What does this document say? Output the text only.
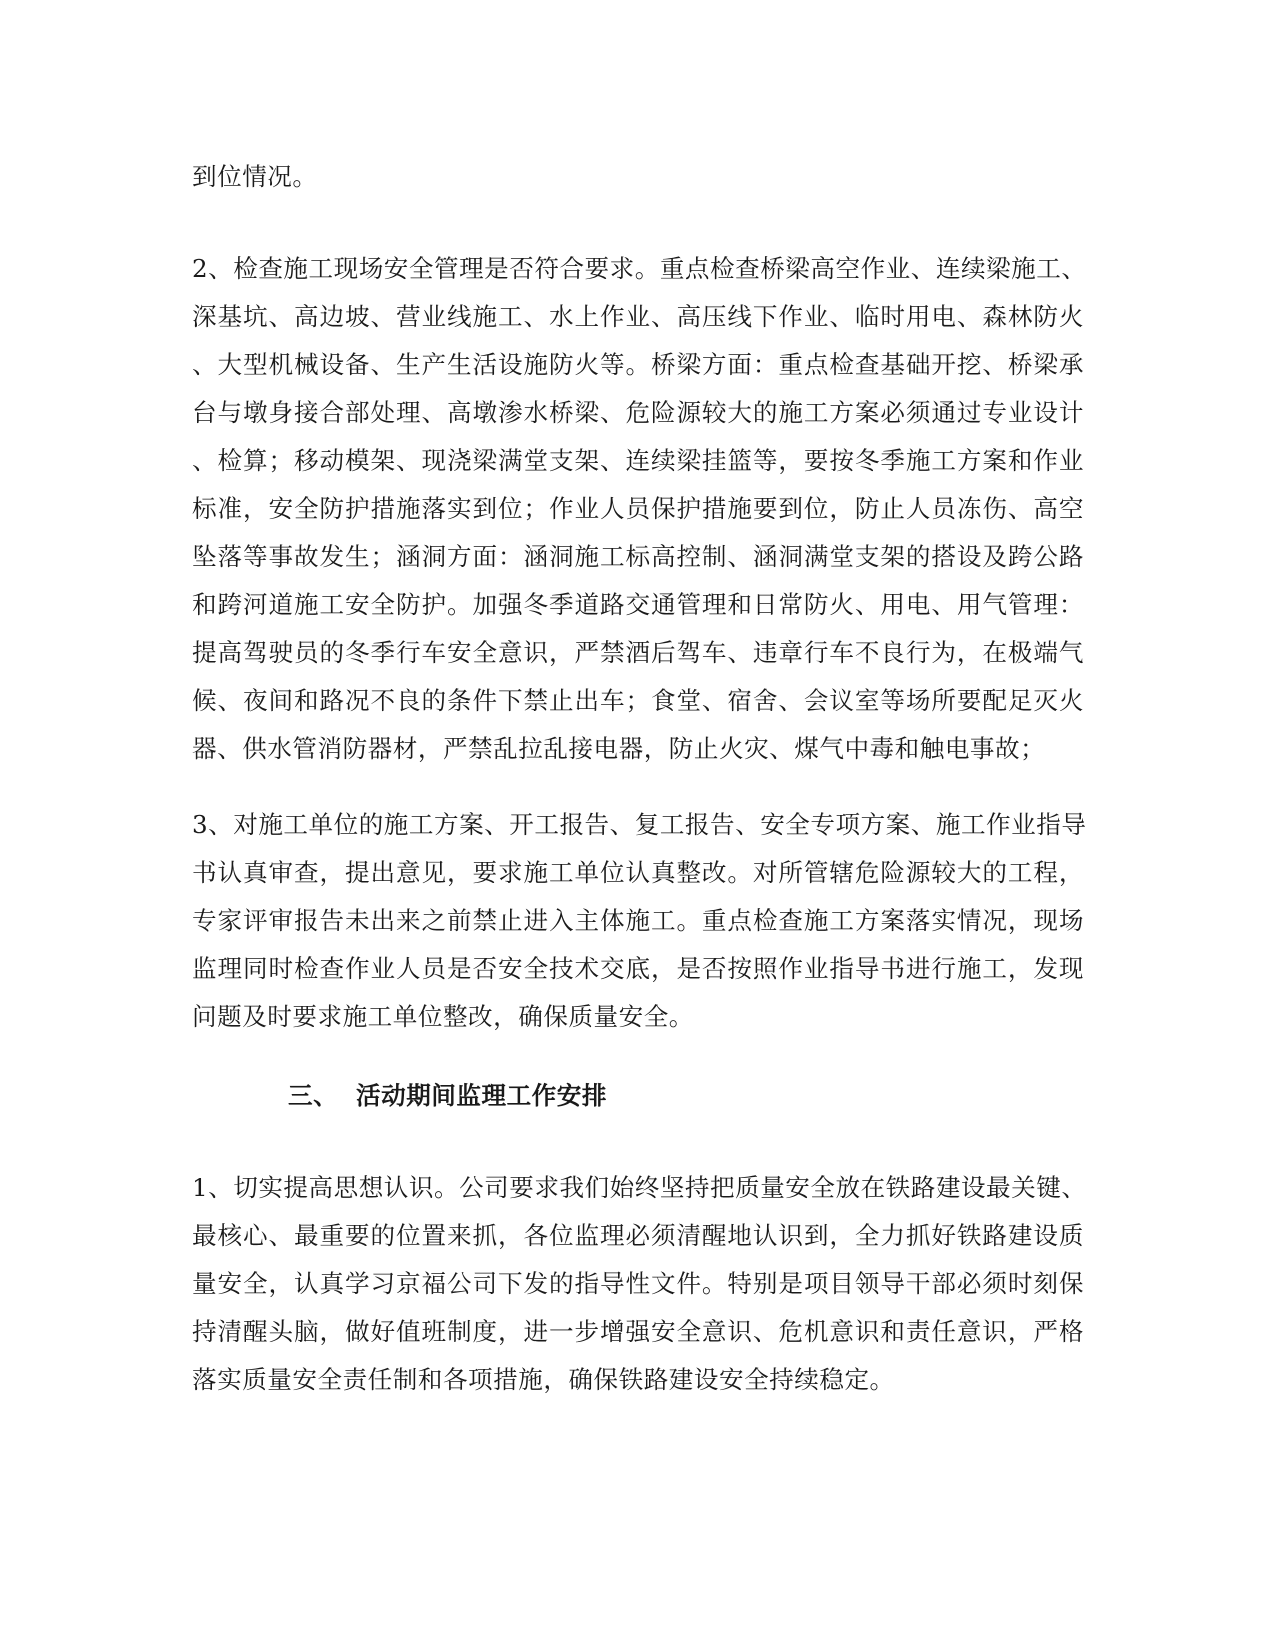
到位情况。

2、检查施工现场安全管理是否符合要求。重点检查桥梁高空作业、连续梁施工、
深基坑、高边坡、营业线施工、水上作业、高压线下作业、临时用电、森林防火
、大型机械设备、生产生活设施防火等。桥梁方面：重点检查基础开挖、桥梁承
台与墩身接合部处理、高墩渗水桥梁、危险源较大的施工方案必须通过专业设计
、检算；移动模架、现浇梁满堂支架、连续梁挂篮等，要按冬季施工方案和作业
标准，安全防护措施落实到位；作业人员保护措施要到位，防止人员冻伤、高空
坠落等事故发生；涵洞方面：涵洞施工标高控制、涵洞满堂支架的搭设及跨公路
和跨河道施工安全防护。加强冬季道路交通管理和日常防火、用电、用气管理：
提高驾驶员的冬季行车安全意识，严禁酒后驾车、违章行车不良行为，在极端气
候、夜间和路况不良的条件下禁止出车；食堂、宿舍、会议室等场所要配足灭火
器、供水管消防器材，严禁乱拉乱接电器，防止火灾、煤气中毒和触电事故；

3、对施工单位的施工方案、开工报告、复工报告、安全专项方案、施工作业指导
书认真审查，提出意见，要求施工单位认真整改。对所管辖危险源较大的工程，
专家评审报告未出来之前禁止进入主体施工。重点检查施工方案落实情况，现场
监理同时检查作业人员是否安全技术交底，是否按照作业指导书进行施工，发现
问题及时要求施工单位整改，确保质量安全。

三、 活动期间监理工作安排

1、切实提高思想认识。公司要求我们始终坚持把质量安全放在铁路建设最关键、
最核心、最重要的位置来抓，各位监理必须清醒地认识到，全力抓好铁路建设质
量安全，认真学习京福公司下发的指导性文件。特别是项目领导干部必须时刻保
持清醒头脑，做好值班制度，进一步增强安全意识、危机意识和责任意识，严格
落实质量安全责任制和各项措施，确保铁路建设安全持续稳定。
